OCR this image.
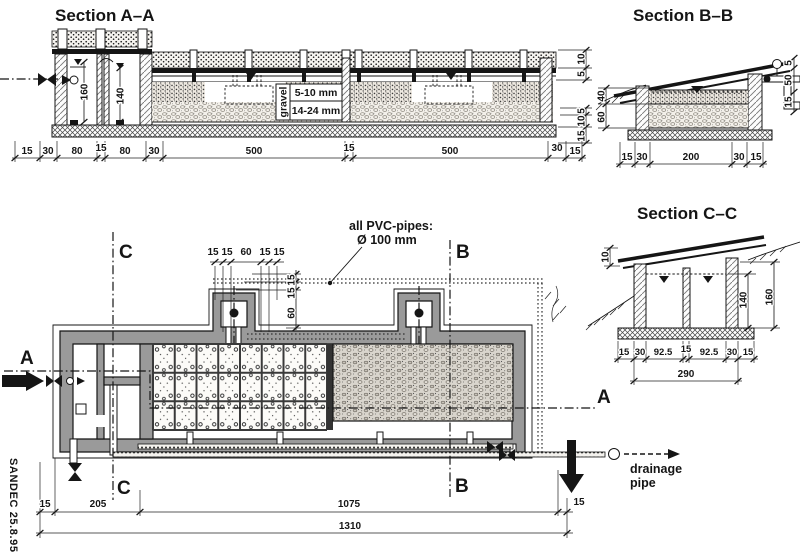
Section A–A
160	140	gravel 5-10 mm
14-24 mm
15 30 80 15 80 30	500	15	500	30 15
10
5
5
10
15
Section B–B
5
50
15
40
60
15 30	200	30 15
Section C–C
10
140 160
15 30 92.5 15 92.5 30 15
290
A
A
B
B
C
C
all PVC-pipes:
Ø 100 mm
drainage
pipe
15 15 60 15 15
15
15
60
15	205	1075	15
1310
SANDEC 25.8.95
